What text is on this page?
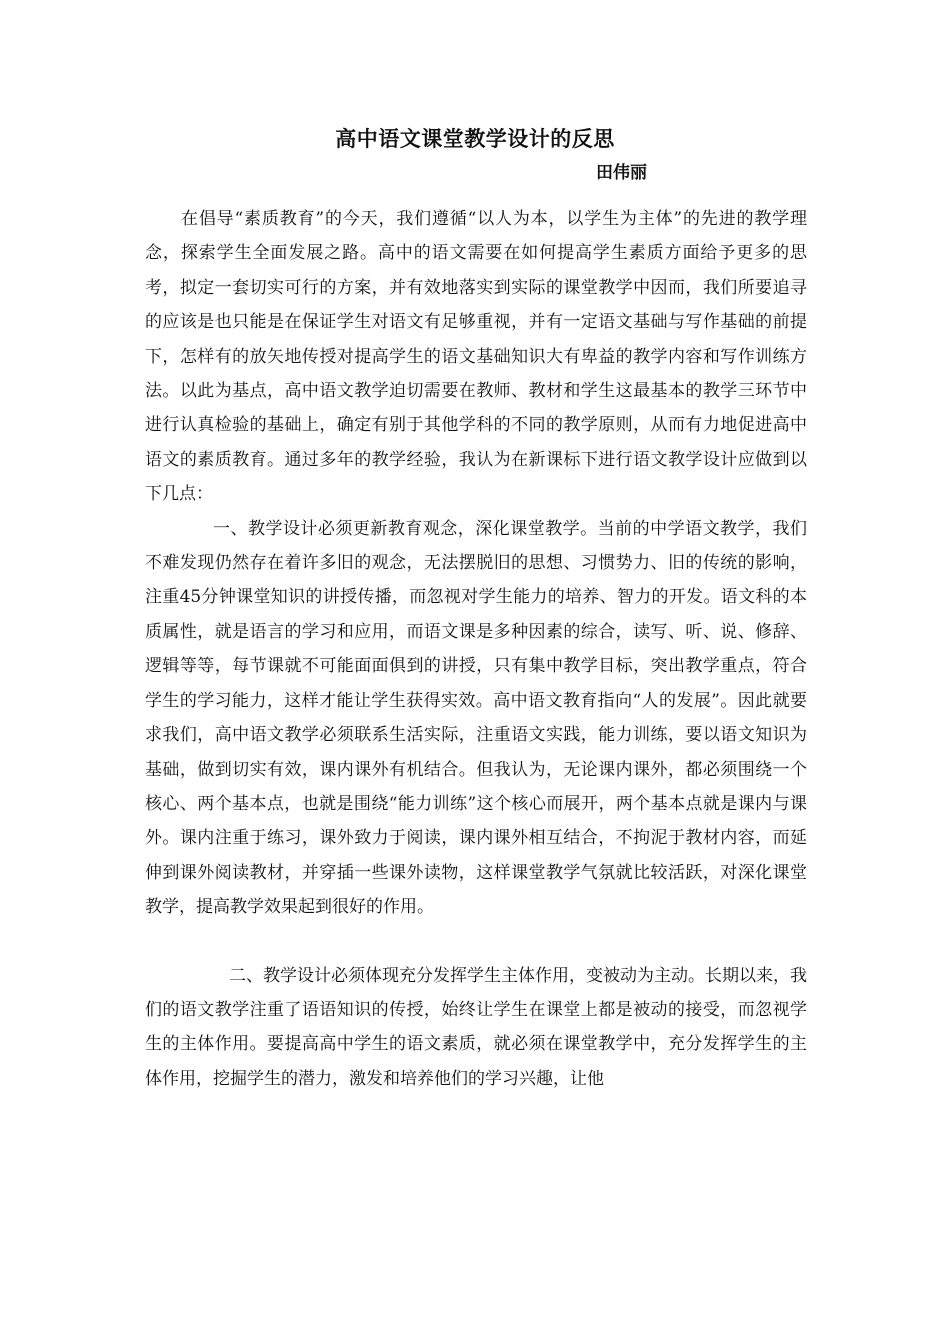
高中语文课堂教学设计的反思
田伟丽

在倡导“素质教育”的今天，我们遵循“以人为本，以学生为主体”的先进的教学理念，探索学生全面发展之路。高中的语文需要在如何提高学生素质方面给予更多的思考，拟定一套切实可行的方案，并有效地落实到实际的课堂教学中因而，我们所要追寻的应该是也只能是在保证学生对语文有足够重视，并有一定语文基础与写作基础的前提下，怎样有的放矢地传授对提高学生的语文基础知识大有卑益的教学内容和写作训练方法。以此为基点，高中语文教学迫切需要在教师、教材和学生这最基本的教学三环节中进行认真检验的基础上，确定有别于其他学科的不同的教学原则，从而有力地促进高中语文的素质教育。通过多年的教学经验，我认为在新课标下进行语文教学设计应做到以下几点：

一、教学设计必须更新教育观念，深化课堂教学。当前的中学语文教学，我们不难发现仍然存在着许多旧的观念，无法摆脱旧的思想、习惯势力、旧的传统的影响，注重45分钟课堂知识的讲授传播，而忽视对学生能力的培养、智力的开发。语文科的本质属性，就是语言的学习和应用，而语文课是多种因素的综合，读写、听、说、修辞、逻辑等等，每节课就不可能面面俱到的讲授，只有集中教学目标，突出教学重点，符合学生的学习能力，这样才能让学生获得实效。高中语文教育指向“人的发展”。因此就要求我们，高中语文教学必须联系生活实际，注重语文实践，能力训练，要以语文知识为基础，做到切实有效，课内课外有机结合。但我认为，无论课内课外，都必须围绕一个核心、两个基本点，也就是围绕“能力训练”这个核心而展开，两个基本点就是课内与课外。课内注重于练习，课外致力于阅读，课内课外相互结合，不拘泥于教材内容，而延伸到课外阅读教材，并穿插一些课外读物，这样课堂教学气氛就比较活跃，对深化课堂教学，提高教学效果起到很好的作用。

二、教学设计必须体现充分发挥学生主体作用，变被动为主动。长期以来，我们的语文教学注重了语语知识的传授，始终让学生在课堂上都是被动的接受，而忽视学生的主体作用。要提高高中学生的语文素质，就必须在课堂教学中，充分发挥学生的主体作用，挖掘学生的潜力，激发和培养他们的学习兴趣，让他
